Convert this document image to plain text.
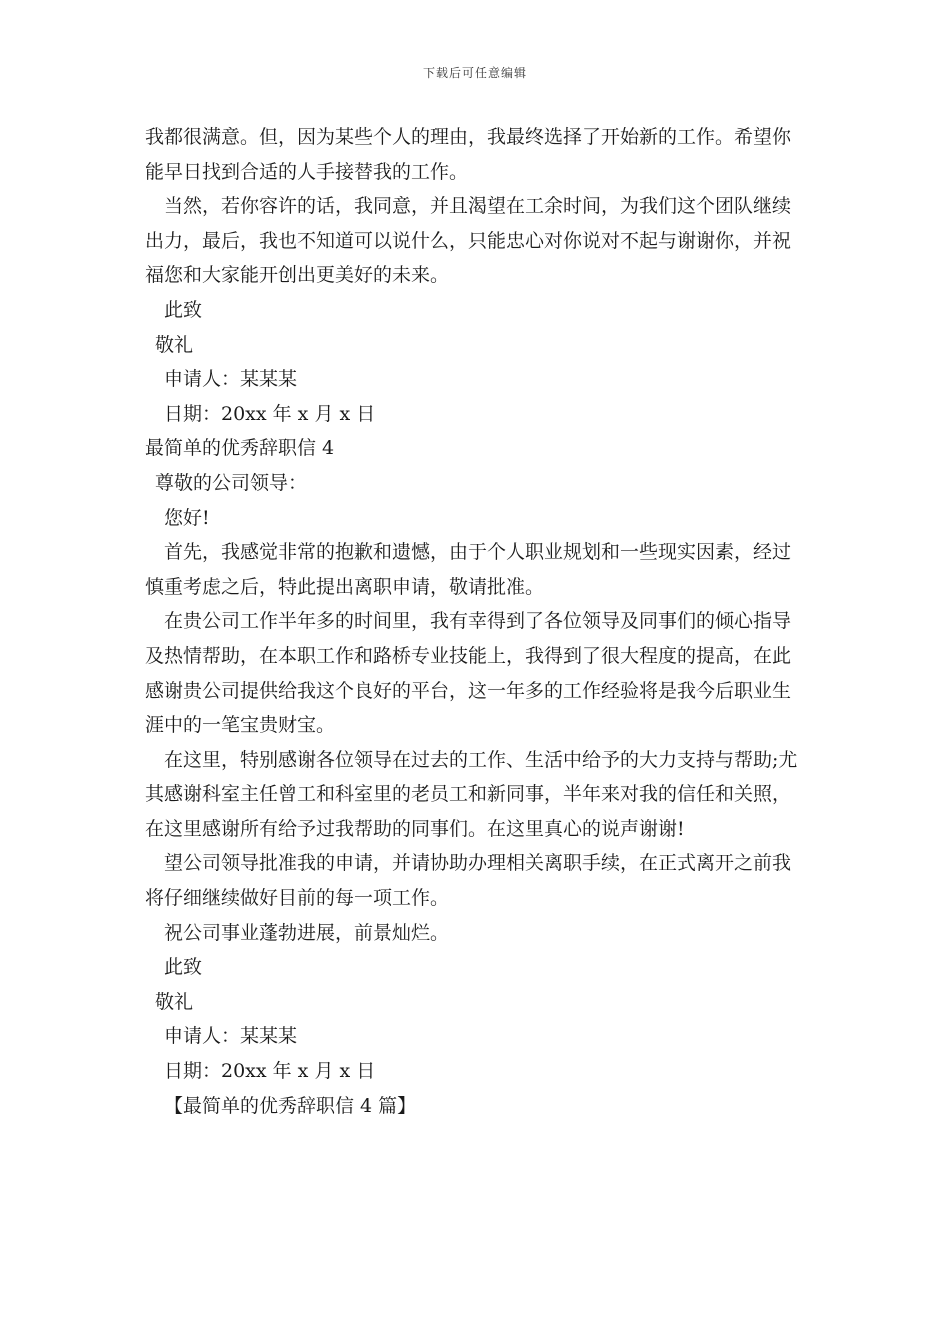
下载后可任意编辑
我都很满意。但，因为某些个人的理由，我最终选择了开始新的工作。希望你
能早日找到合适的人手接替我的工作。
当然，若你容许的话，我同意，并且渴望在工余时间，为我们这个团队继续
出力，最后，我也不知道可以说什么，只能忠心对你说对不起与谢谢你，并祝
福您和大家能开创出更美好的未来。
此致
敬礼
申请人：某某某
日期：20xx 年 x 月 x 日
最简单的优秀辞职信 4
尊敬的公司领导：
您好!
首先，我感觉非常的抱歉和遗憾，由于个人职业规划和一些现实因素，经过
慎重考虑之后，特此提出离职申请，敬请批准。
在贵公司工作半年多的时间里，我有幸得到了各位领导及同事们的倾心指导
及热情帮助，在本职工作和路桥专业技能上，我得到了很大程度的提高，在此
感谢贵公司提供给我这个良好的平台，这一年多的工作经验将是我今后职业生
涯中的一笔宝贵财宝。
在这里，特别感谢各位领导在过去的工作、生活中给予的大力支持与帮助;尤
其感谢科室主任曾工和科室里的老员工和新同事，半年来对我的信任和关照，
在这里感谢所有给予过我帮助的同事们。在这里真心的说声谢谢!
望公司领导批准我的申请，并请协助办理相关离职手续，在正式离开之前我
将仔细继续做好目前的每一项工作。
祝公司事业蓬勃进展，前景灿烂。
此致
敬礼
申请人：某某某
日期：20xx 年 x 月 x 日
【最简单的优秀辞职信 4 篇】
